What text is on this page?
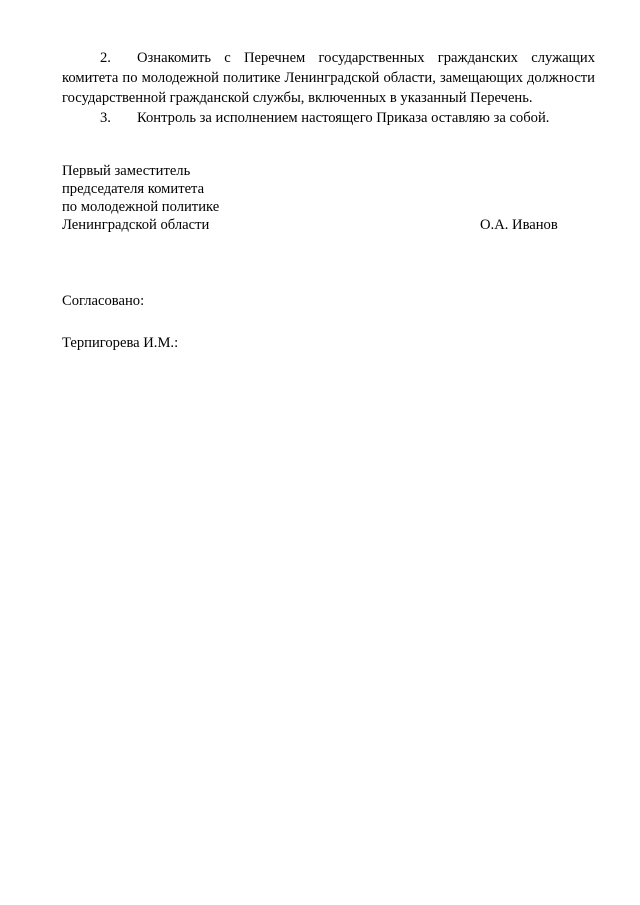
2. Ознакомить с Перечнем государственных гражданских служащих комитета по молодежной политике Ленинградской области, замещающих должности государственной гражданской службы, включенных в указанный Перечень.

3. Контроль за исполнением настоящего Приказа оставляю за собой.

Первый заместитель

председателя комитета

по молодежной политике

Ленинградской области	О.А. Иванов

Согласовано:

Терпигорева И.М.:
